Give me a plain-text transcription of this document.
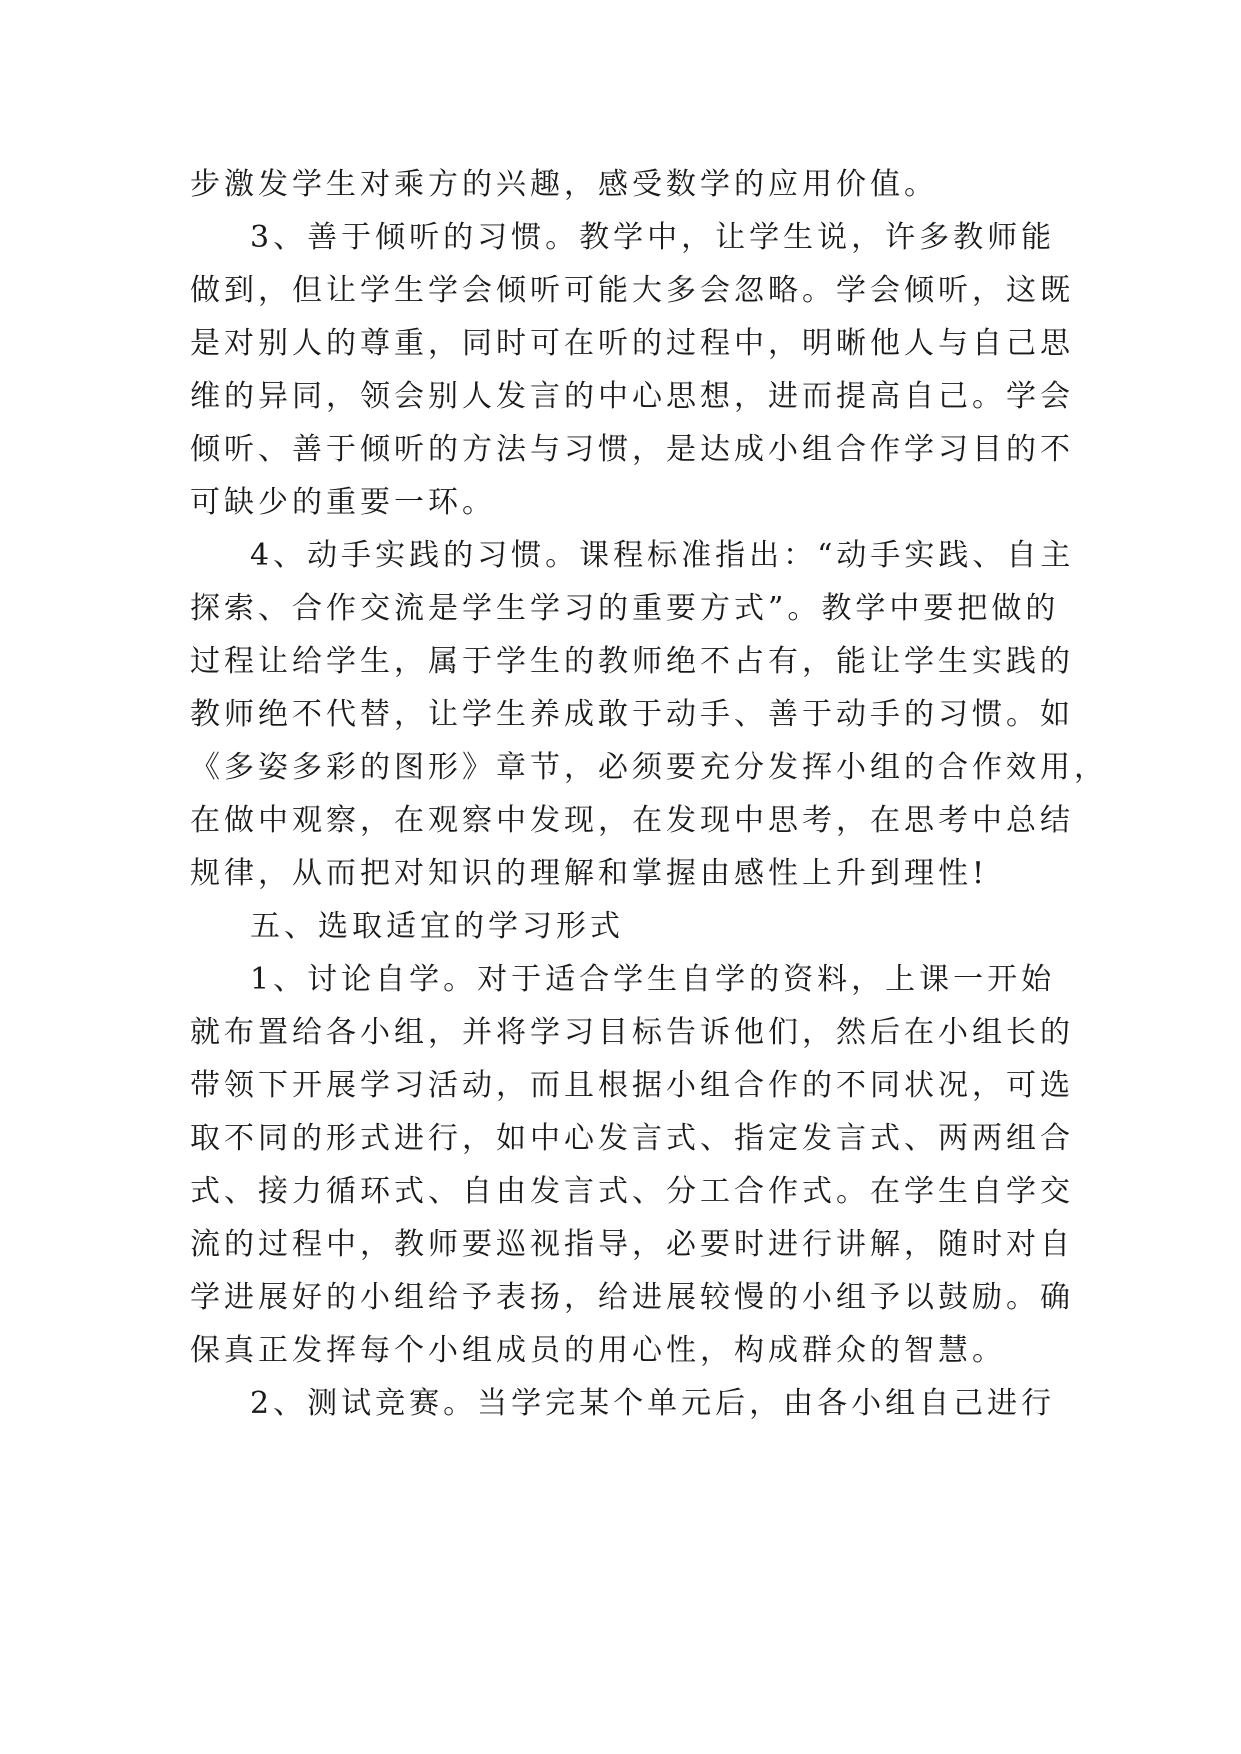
步激发学生对乘方的兴趣，感受数学的应用价值。
3、善于倾听的习惯。教学中，让学生说，许多教师能
做到，但让学生学会倾听可能大多会忽略。学会倾听，这既
是对别人的尊重，同时可在听的过程中，明晰他人与自己思
维的异同，领会别人发言的中心思想，进而提高自己。学会
倾听、善于倾听的方法与习惯，是达成小组合作学习目的不
可缺少的重要一环。
4、动手实践的习惯。课程标准指出：“动手实践、自主
探索、合作交流是学生学习的重要方式”。教学中要把做的
过程让给学生，属于学生的教师绝不占有，能让学生实践的
教师绝不代替，让学生养成敢于动手、善于动手的习惯。如
《多姿多彩的图形》章节，必须要充分发挥小组的合作效用，
在做中观察，在观察中发现，在发现中思考，在思考中总结
规律，从而把对知识的理解和掌握由感性上升到理性!
五、选取适宜的学习形式
1、讨论自学。对于适合学生自学的资料，上课一开始
就布置给各小组，并将学习目标告诉他们，然后在小组长的
带领下开展学习活动，而且根据小组合作的不同状况，可选
取不同的形式进行，如中心发言式、指定发言式、两两组合
式、接力循环式、自由发言式、分工合作式。在学生自学交
流的过程中，教师要巡视指导，必要时进行讲解，随时对自
学进展好的小组给予表扬，给进展较慢的小组予以鼓励。确
保真正发挥每个小组成员的用心性，构成群众的智慧。
2、测试竞赛。当学完某个单元后，由各小组自己进行
